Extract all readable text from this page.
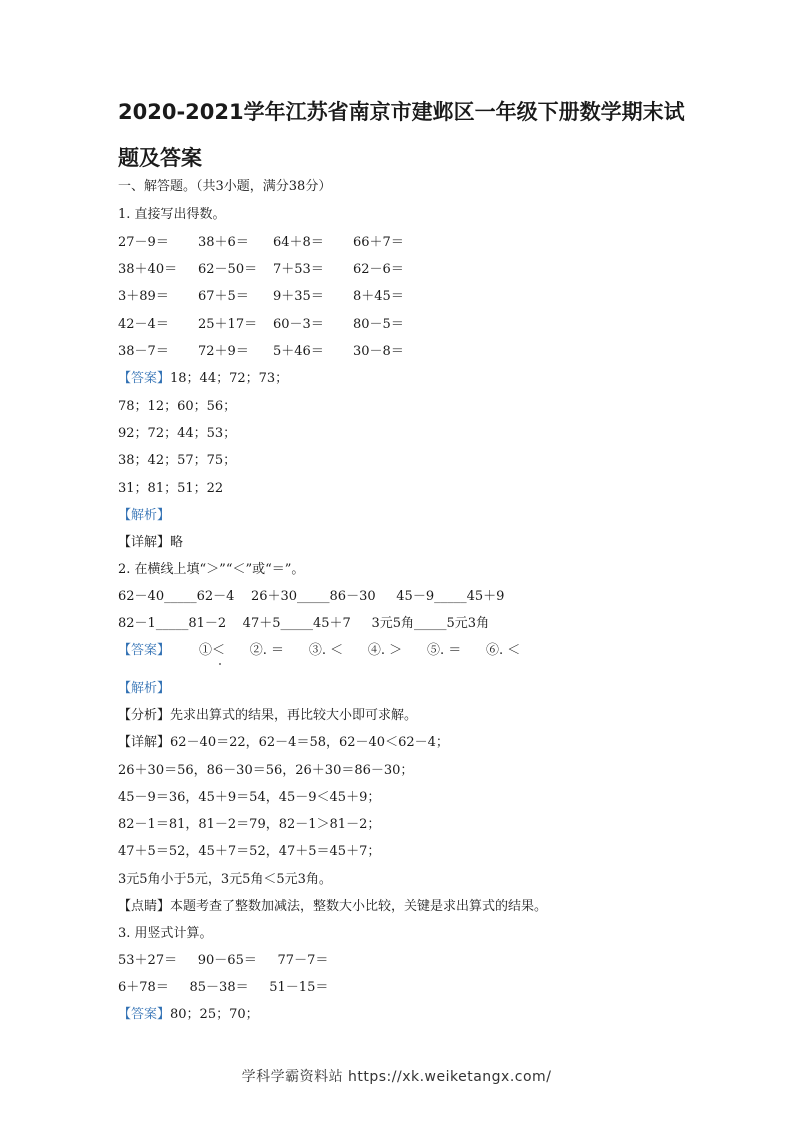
2020-2021学年江苏省南京市建邺区一年级下册数学期末试
题及答案
一、解答题。（共3小题，满分38分）
1. 直接写出得数。
27－9＝ 38＋6＝ 64＋8＝ 66＋7＝
38＋40＝ 62－50＝ 7＋53＝ 62－6＝
3＋89＝ 67＋5＝ 9＋35＝ 8＋45＝
42－4＝ 25＋17＝ 60－3＝ 80－5＝
38－7＝ 72＋9＝ 5＋46＝ 30－8＝
【答案】18；44；72；73；
78；12；60；56；
92；72；44；53；
38；42；57；75；
31；81；51；22
【解析】
【详解】略
2. 在横线上填“＞”“＜”或“＝”。
62－40_____62－4 26＋30_____86－30 45－9_____45＋9
82－1_____81－2 47＋5_____45＋7 3元5角_____5元3角
【答案】 ①＜ ②. ＝ ③. ＜ ④. ＞ ⑤. ＝ ⑥. ＜
【解析】
【分析】先求出算式的结果，再比较大小即可求解。
【详解】62－40＝22，62－4＝58，62－40＜62－4；
26＋30＝56，86－30＝56，26＋30＝86－30；
45－9＝36，45＋9＝54，45－9＜45＋9；
82－1＝81，81－2＝79，82－1＞81－2；
47＋5＝52，45＋7＝52，47＋5＝45＋7；
3元5角小于5元，3元5角＜5元3角。
【点睛】本题考查了整数加减法，整数大小比较，关键是求出算式的结果。
3. 用竖式计算。
53＋27＝ 90－65＝ 77－7＝
6＋78＝ 85－38＝ 51－15＝
【答案】80；25；70；
学科学霸资料站 https://xk.weiketangx.com/
